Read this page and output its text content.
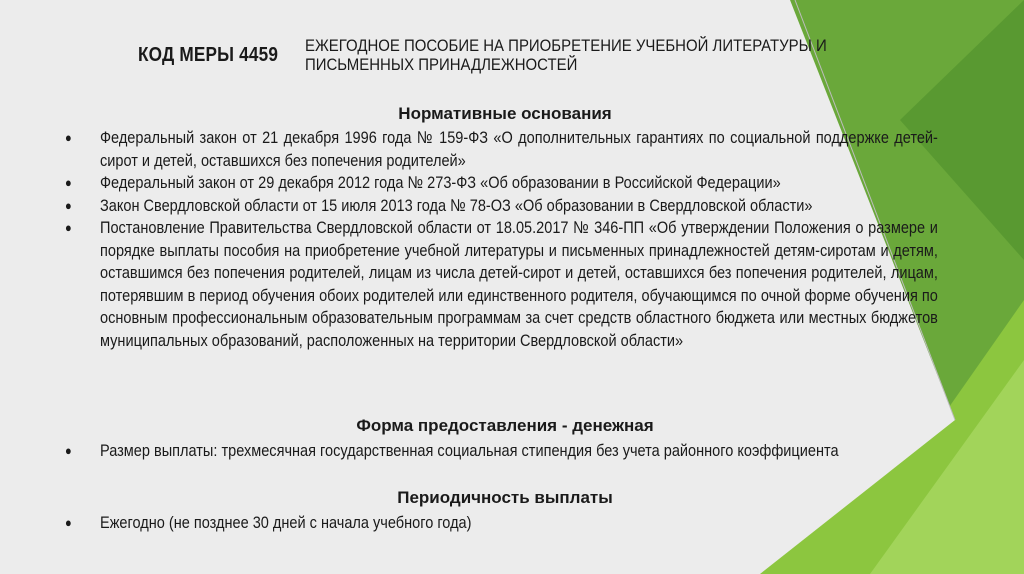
КОД МЕРЫ 4459 ЕЖЕГОДНОЕ ПОСОБИЕ НА ПРИОБРЕТЕНИЕ УЧЕБНОЙ ЛИТЕРАТУРЫ И ПИСЬМЕННЫХ ПРИНАДЛЕЖНОСТЕЙ
Нормативные основания
● Федеральный закон от 21 декабря 1996 года № 159-ФЗ «О дополнительных гарантиях по социальной поддержке детей-сирот и детей, оставшихся без попечения родителей»
● Федеральный закон от 29 декабря 2012 года № 273-ФЗ «Об образовании в Российской Федерации»
● Закон Свердловской области от 15 июля 2013 года № 78-ОЗ «Об образовании в Свердловской области»
● Постановление Правительства Свердловской области от 18.05.2017 № 346-ПП «Об утверждении Положения о размере и порядке выплаты пособия на приобретение учебной литературы и письменных принадлежностей детям-сиротам и детям, оставшимся без попечения родителей, лицам из числа детей-сирот и детей, оставшихся без попечения родителей, лицам, потерявшим в период обучения обоих родителей или единственного родителя, обучающимся по очной форме обучения по основным профессиональным образовательным программам за счет средств областного бюджета или местных бюджетов муниципальных образований, расположенных на территории Свердловской области»
Форма предоставления - денежная
● Размер выплаты: трехмесячная государственная социальная стипендия без учета районного коэффициента
Периодичность выплаты
● Ежегодно (не позднее 30 дней с начала учебного года)
